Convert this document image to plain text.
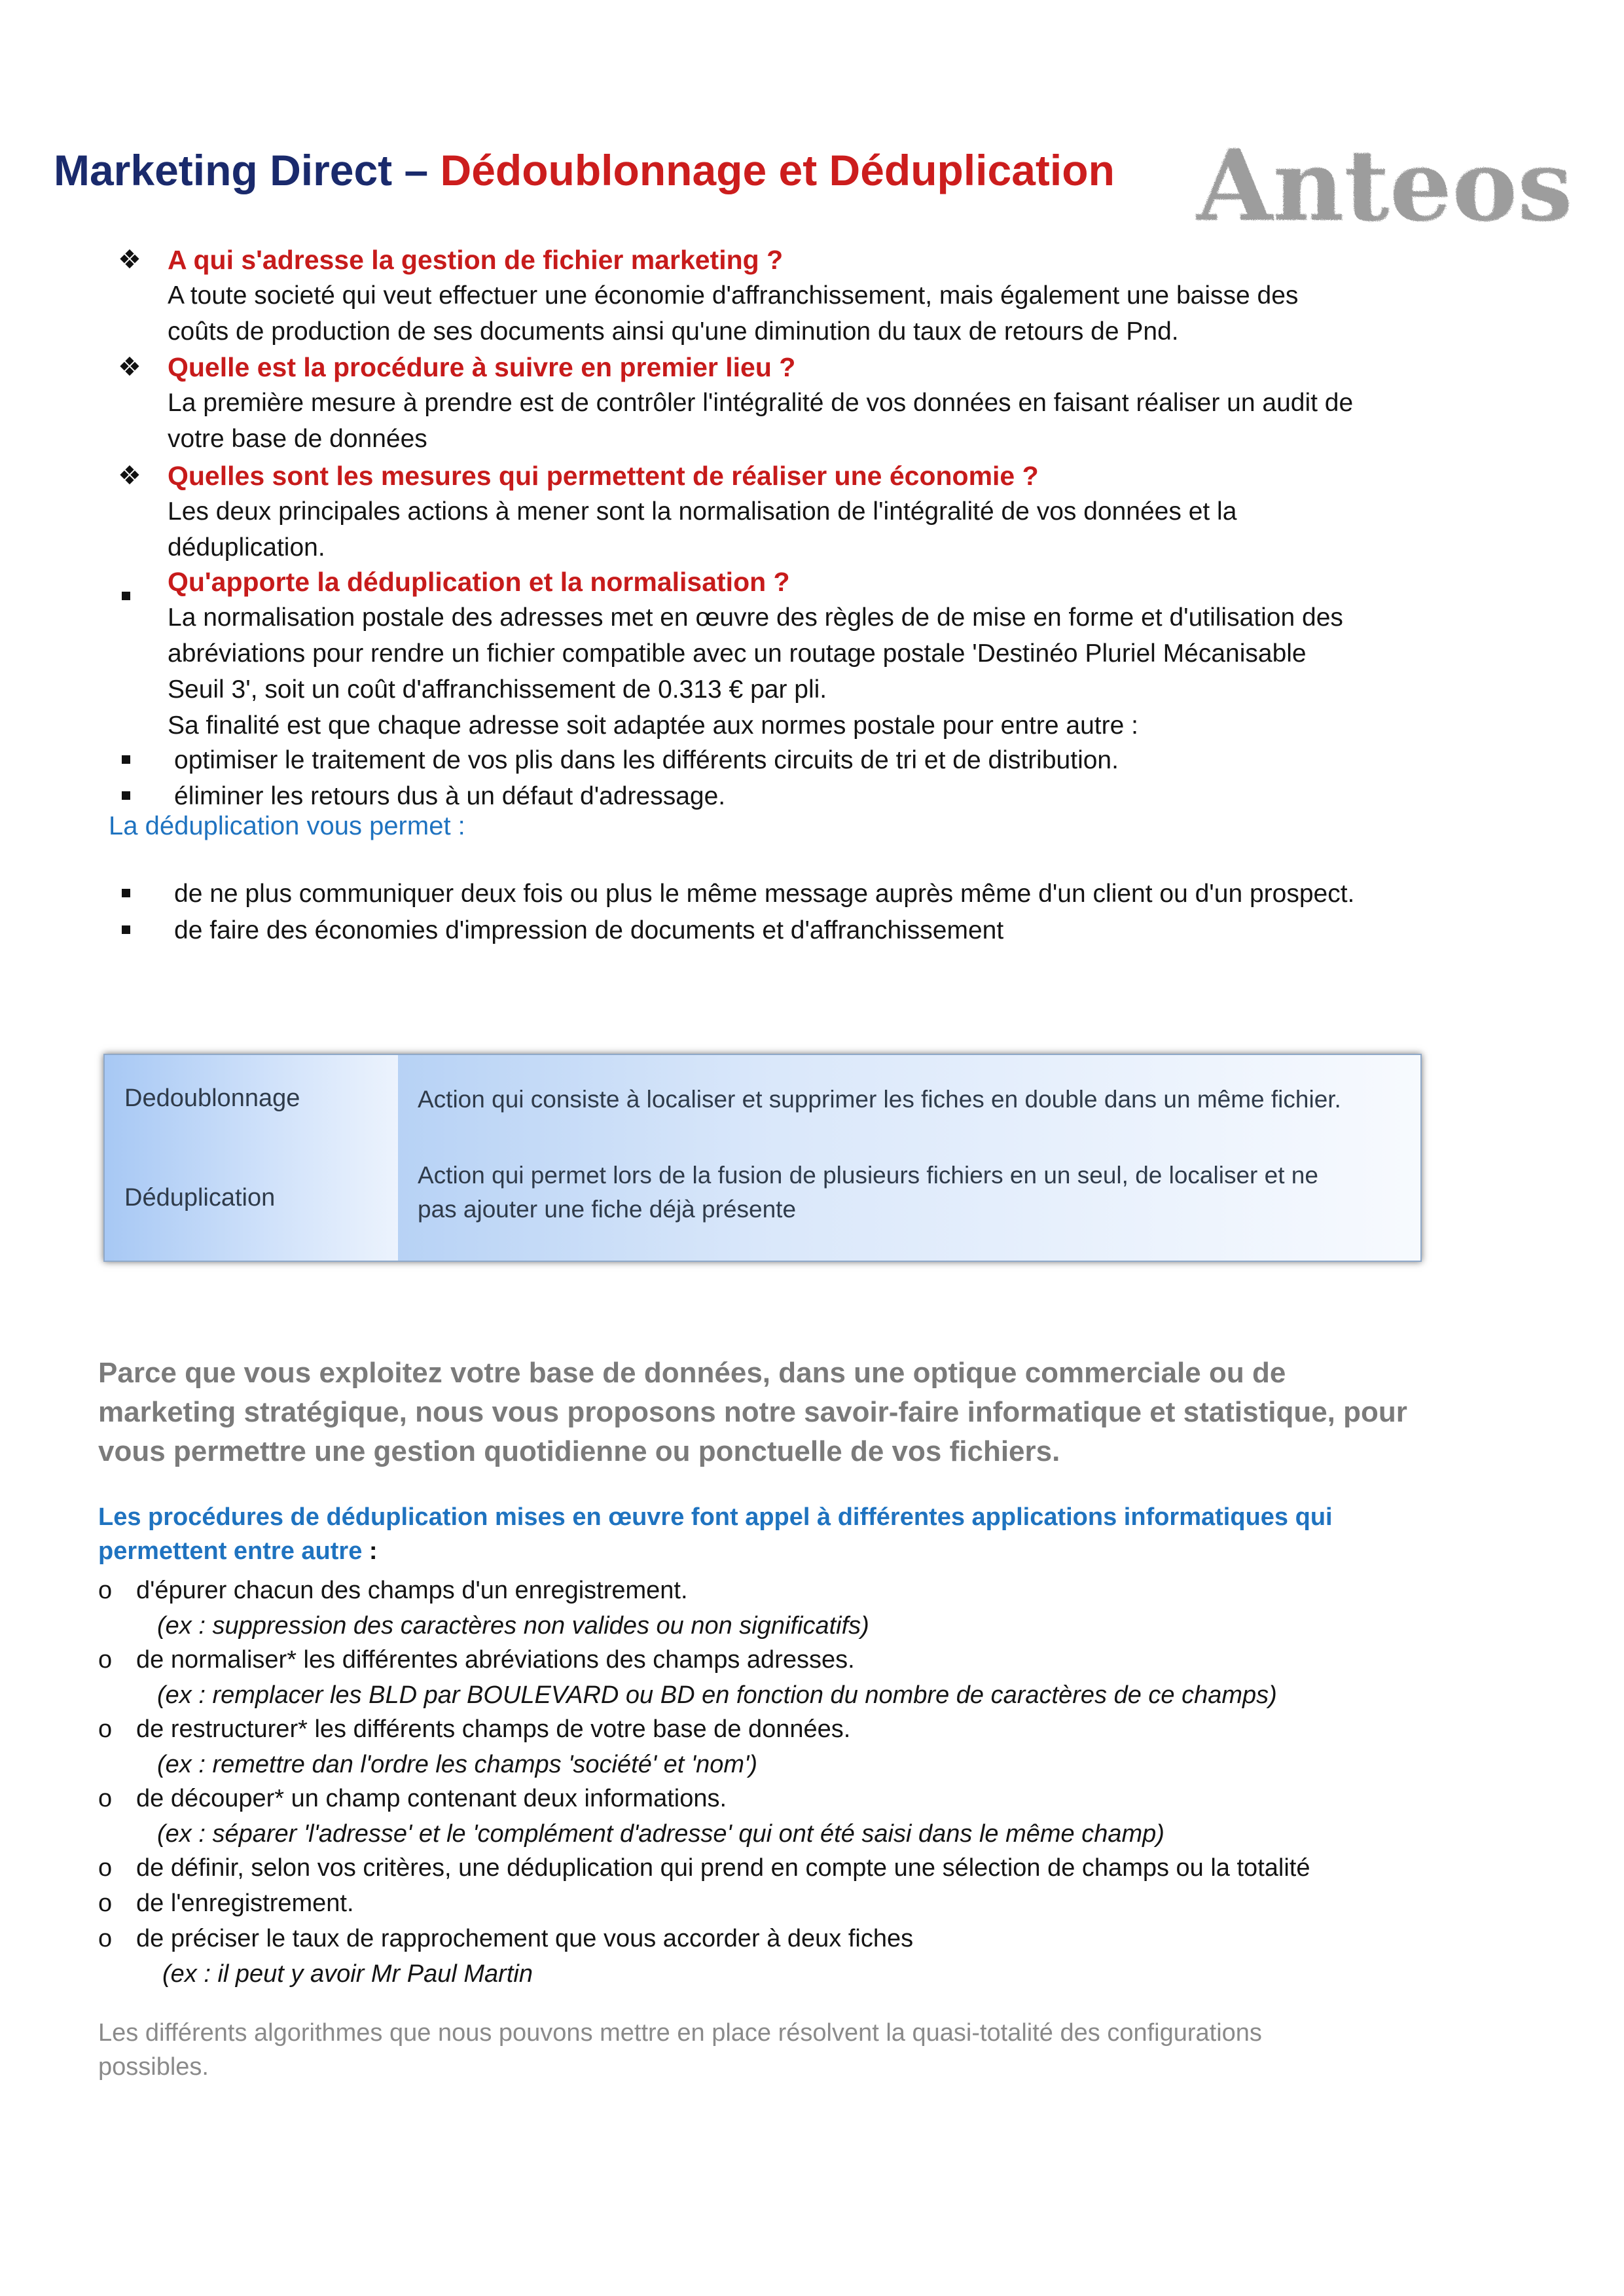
Marketing Direct – Dédoublonnage et Déduplication Anteos
❖ A qui s'adresse la gestion de fichier marketing ?
A toute societé qui veut effectuer une économie d'affranchissement, mais également une baisse des
coûts de production de ses documents ainsi qu'une diminution du taux de retours de Pnd.
❖ Quelle est la procédure à suivre en premier lieu ?
La première mesure à prendre est de contrôler l'intégralité de vos données en faisant réaliser un audit de
votre base de données
❖ Quelles sont les mesures qui permettent de réaliser une économie ?
Les deux principales actions à mener sont la normalisation de l'intégralité de vos données et la
déduplication.
Qu'apporte la déduplication et la normalisation ?
La normalisation postale des adresses met en œuvre des règles de de mise en forme et d'utilisation des
abréviations pour rendre un fichier compatible avec un routage postale 'Destinéo Pluriel Mécanisable
Seuil 3', soit un coût d'affranchissement de 0.313 € par pli.
Sa finalité est que chaque adresse soit adaptée aux normes postale pour entre autre :
optimiser le traitement de vos plis dans les différents circuits de tri et de distribution.
éliminer les retours dus à un défaut d'adressage.
La déduplication vous permet :
de ne plus communiquer deux fois ou plus le même message auprès même d'un client ou d'un prospect.
de faire des économies d'impression de documents et d'affranchissement
Dedoublonnage	Action qui consiste à localiser et supprimer les fiches en double dans un même fichier.
Déduplication
Action qui permet lors de la fusion de plusieurs fichiers en un seul, de localiser et ne
pas ajouter une fiche déjà présente
Parce que vous exploitez votre base de données, dans une optique commerciale ou de
marketing stratégique, nous vous proposons notre savoir-faire informatique et statistique, pour
vous permettre une gestion quotidienne ou ponctuelle de vos fichiers.
Les procédures de déduplication mises en œuvre font appel à différentes applications informatiques qui
permettent entre autre :
o d'épurer chacun des champs d'un enregistrement.
(ex : suppression des caractères non valides ou non significatifs)
o de normaliser* les différentes abréviations des champs adresses.
(ex : remplacer les BLD par BOULEVARD ou BD en fonction du nombre de caractères de ce champs)
o de restructurer* les différents champs de votre base de données.
(ex : remettre dan l'ordre les champs 'société' et 'nom')
o de découper* un champ contenant deux informations.
(ex : séparer 'l'adresse' et le 'complément d'adresse' qui ont été saisi dans le même champ)
o de définir, selon vos critères, une déduplication qui prend en compte une sélection de champs ou la totalité
o de l'enregistrement.
o de préciser le taux de rapprochement que vous accorder à deux fiches
(ex : il peut y avoir Mr Paul Martin
Les différents algorithmes que nous pouvons mettre en place résolvent la quasi-totalité des configurations
possibles.
